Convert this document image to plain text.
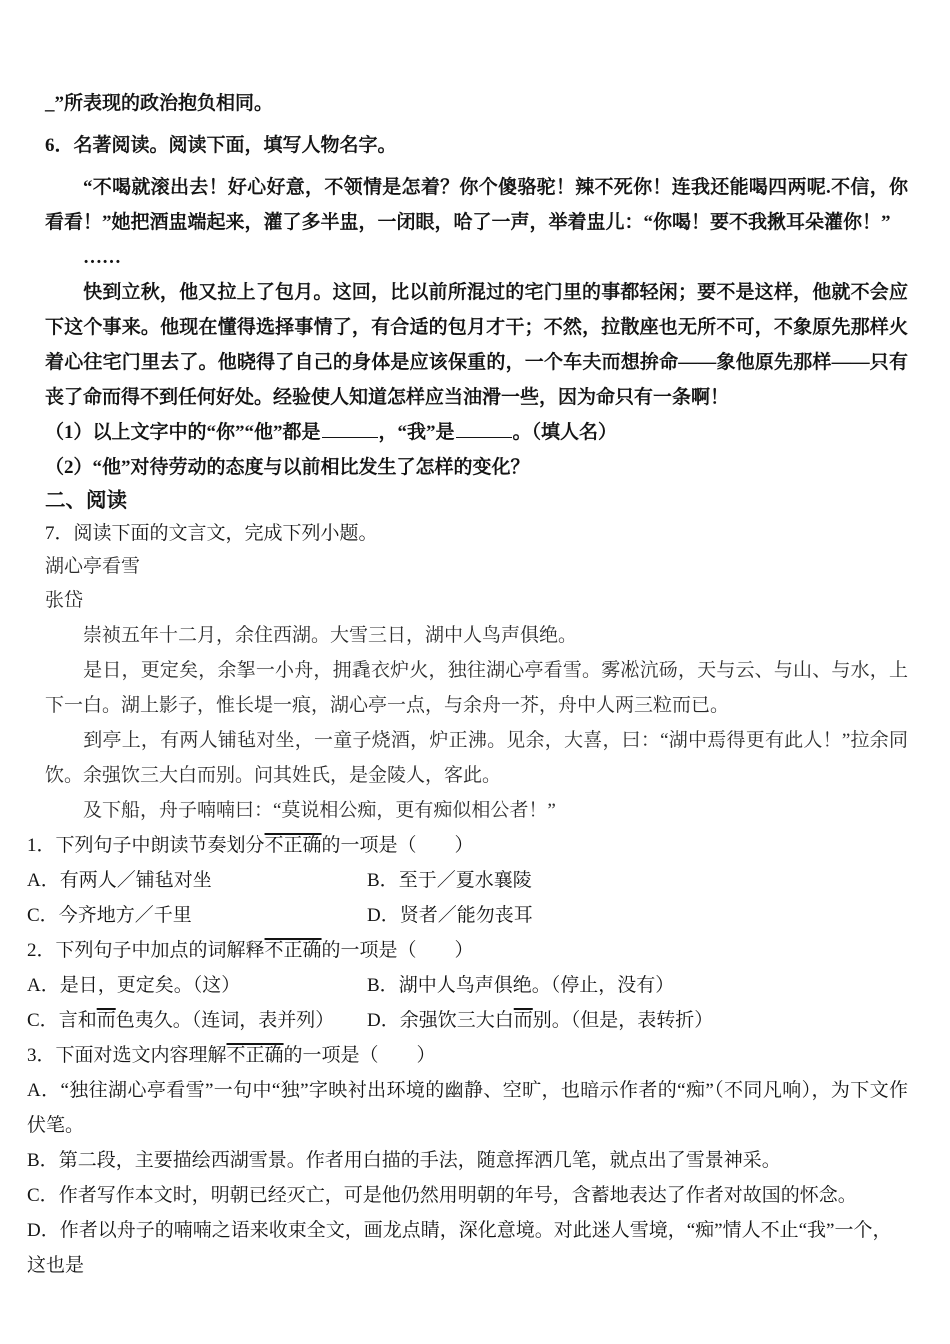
_”所表现的政治抱负相同。

6．名著阅读。阅读下面，填写人物名字。

“不喝就滚出去！好心好意，不领情是怎着？你个傻骆驼！辣不死你！连我还能喝四两呢.不信，你看看！”她把酒盅端起来，灌了多半盅，一闭眼，哈了一声，举着盅儿：“你喝！要不我揪耳朵灌你！”

……

快到立秋，他又拉上了包月。这回，比以前所混过的宅门里的事都轻闲；要不是这样，他就不会应下这个事来。他现在懂得选择事情了，有合适的包月才干；不然，拉散座也无所不可，不象原先那样火着心往宅门里去了。他晓得了自己的身体是应该保重的，一个车夫而想拚命——象他原先那样——只有丧了命而得不到任何好处。经验使人知道怎样应当油滑一些，因为命只有一条啊！

（1）以上文字中的“你”“他”都是	，“我”是	。（填人名）

（2）“他”对待劳动的态度与以前相比发生了怎样的变化？

二、阅读

7．阅读下面的文言文，完成下列小题。

湖心亭看雪

张岱

崇祯五年十二月，余住西湖。大雪三日，湖中人鸟声俱绝。

是日，更定矣，余挐一小舟，拥毳衣炉火，独往湖心亭看雪。雾凇沆砀，天与云、与山、与水，上下一白。湖上影子，惟长堤一痕，湖心亭一点，与余舟一芥，舟中人两三粒而已。

到亭上，有两人铺毡对坐，一童子烧酒，炉正沸。见余，大喜，曰：“湖中焉得更有此人！”拉余同饮。余强饮三大白而别。问其姓氏，是金陵人，客此。

及下船，舟子喃喃曰：“莫说相公痴，更有痴似相公者！”

1．下列句子中朗读节奏划分不正确的一项是（　　）

A．有两人／铺毡对坐	B．至于／夏水襄陵
C．今齐地方／千里	D．贤者／能勿丧耳

2．下列句子中加点的词解释不正确的一项是（　　）

A．是日，更定矣。（这）	B．湖中人鸟声俱绝。（停止，没有）
C．言和而色夷久。（连词，表并列）	D．余强饮三大白而别。（但是，表转折）

3．下面对选文内容理解不正确的一项是（　　）

A．“独往湖心亭看雪”一句中“独”字映衬出环境的幽静、空旷，也暗示作者的“痴”（不同凡响），为下文作伏笔。

B．第二段，主要描绘西湖雪景。作者用白描的手法，随意挥洒几笔，就点出了雪景神采。

C．作者写作本文时，明朝已经灭亡，可是他仍然用明朝的年号，含蓄地表达了作者对故国的怀念。

D．作者以舟子的喃喃之语来收束全文，画龙点睛，深化意境。对此迷人雪境，“痴”情人不止“我”一个，这也是
